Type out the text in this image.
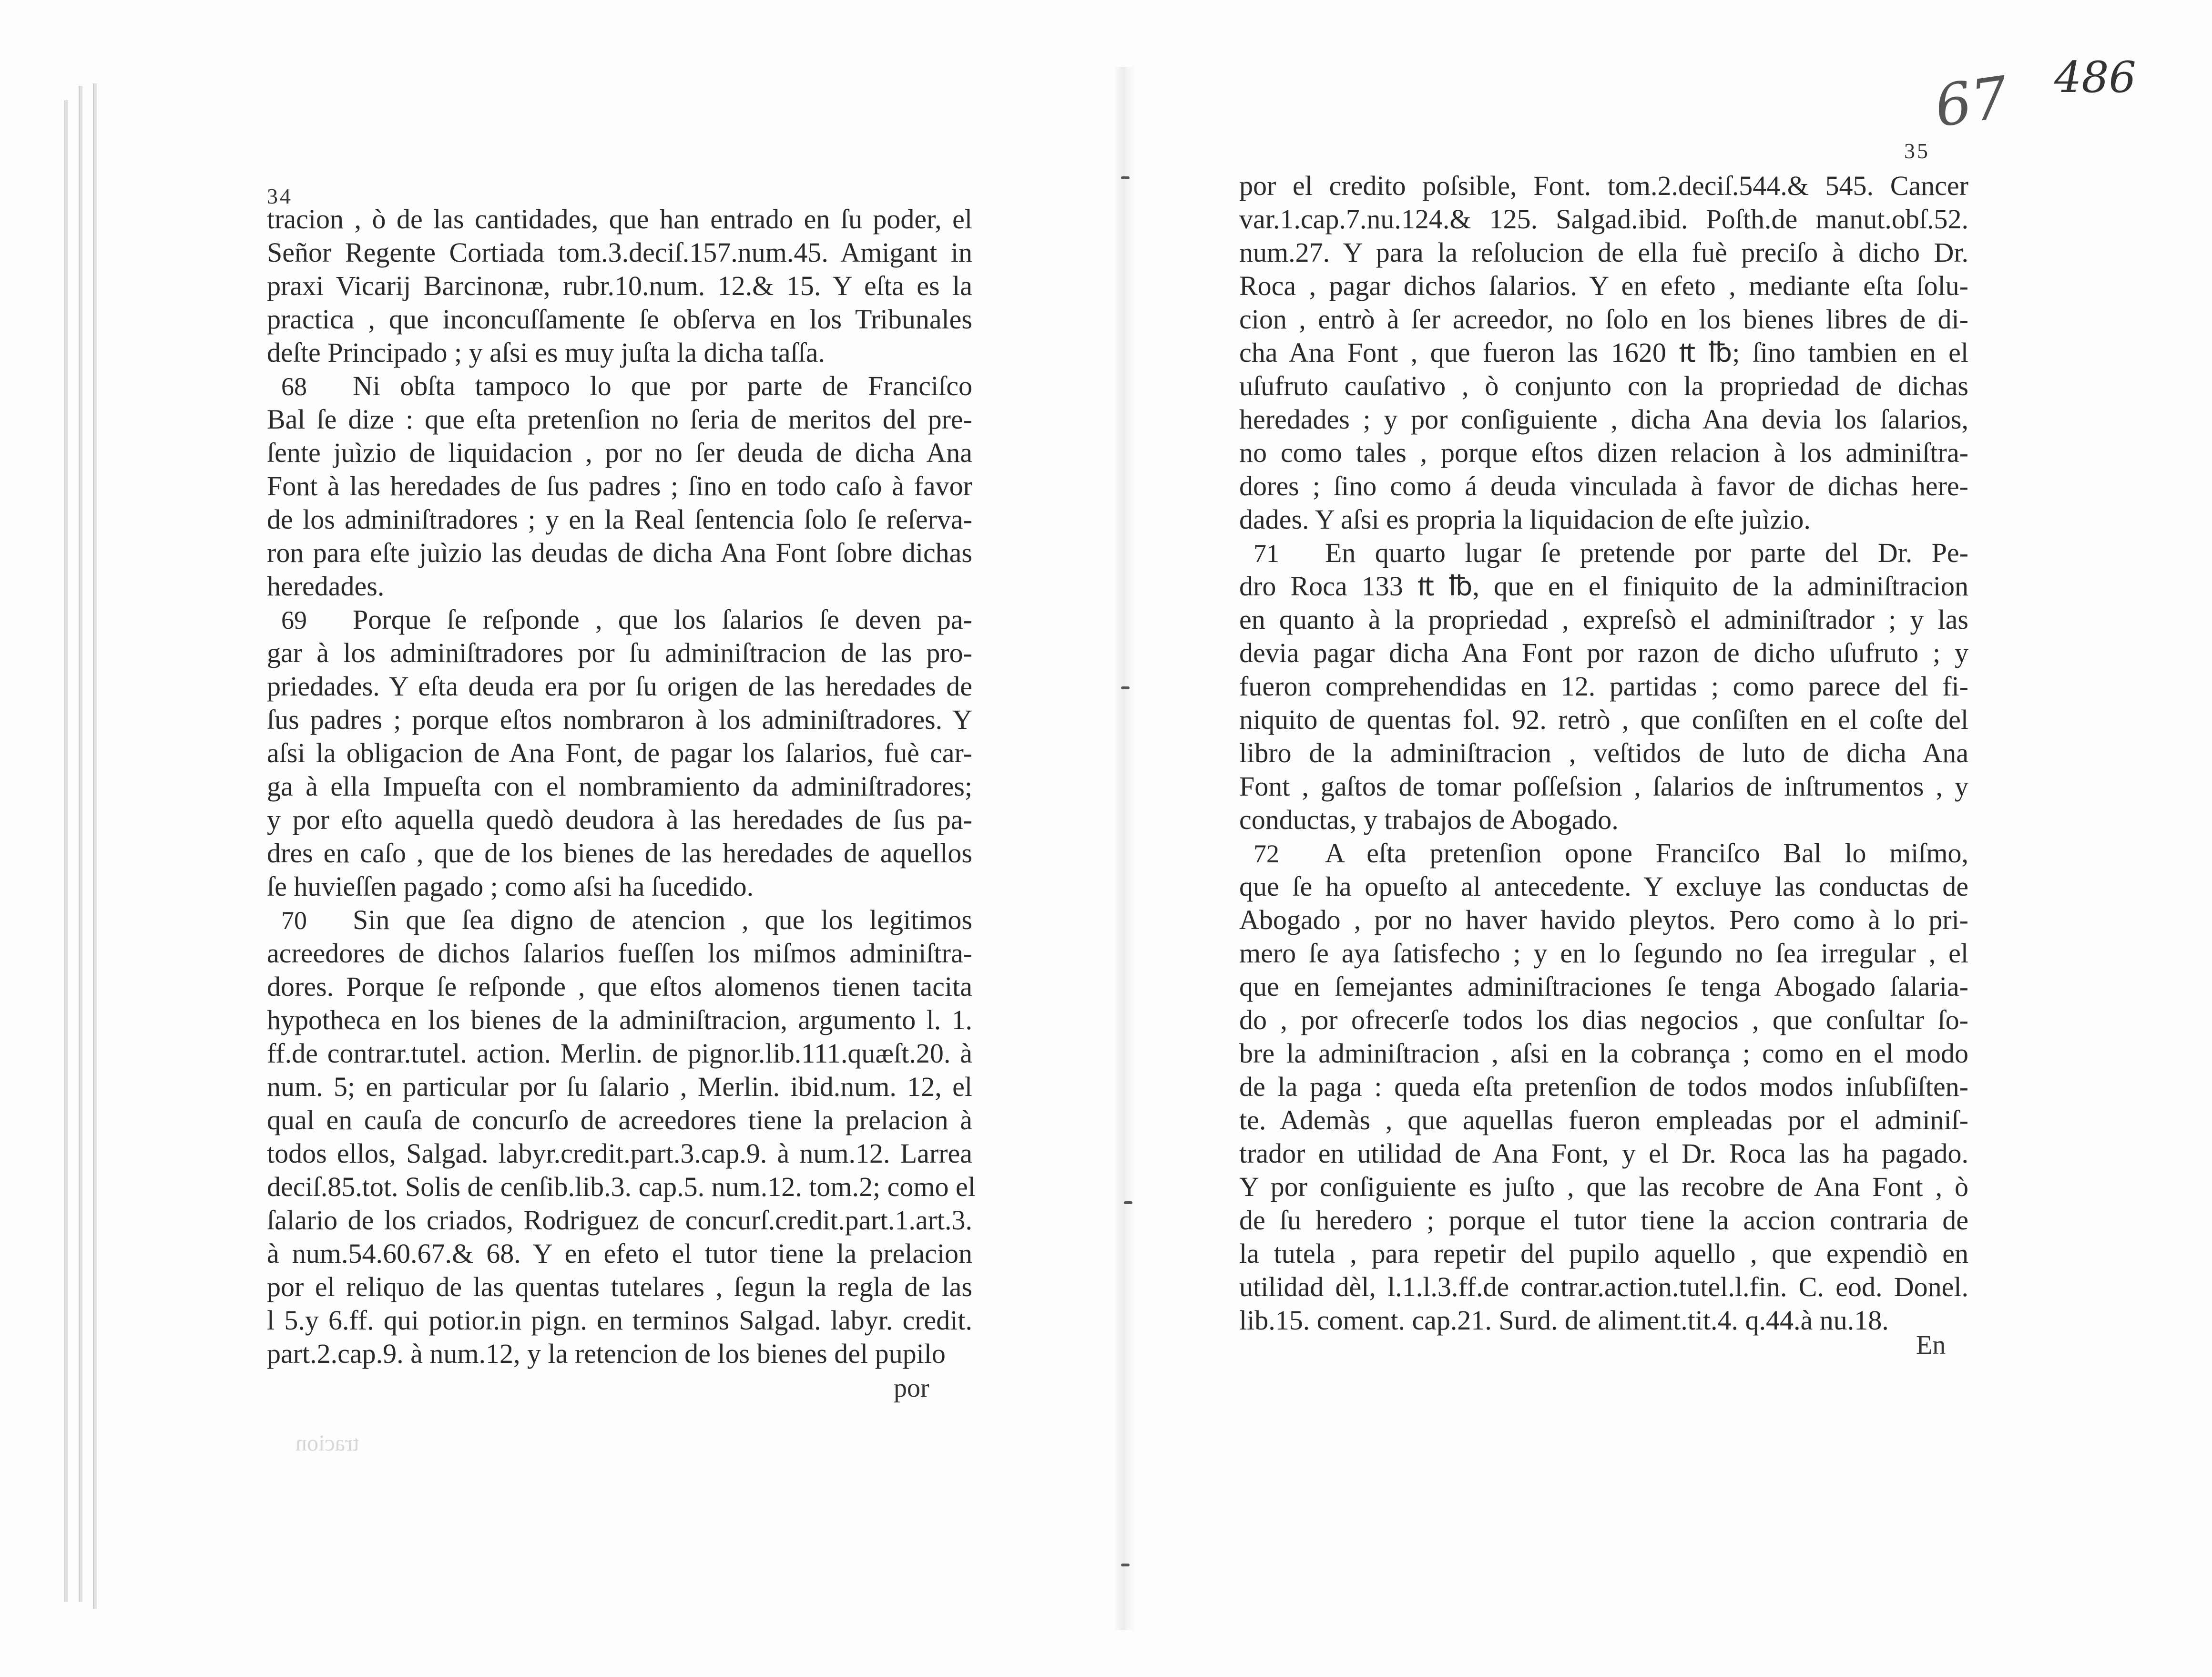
34
tracion , ò de las cantidades, que han entrado en ſu poder, el
Señor Regente Cortiada tom.3.deciſ.157.num.45. Amigant in
praxi Vicarij Barcinonæ, rubr.10.num. 12.& 15. Y eſta es la
practica , que inconcuſſamente ſe obſerva en los Tribunales
deſte Principado ; y aſsi es muy juſta la dicha taſſa.
68 Ni obſta tampoco lo que por parte de Franciſco
Bal ſe dize : que eſta pretenſion no ſeria de meritos del pre-
ſente juìzio de liquidacion , por no ſer deuda de dicha Ana
Font à las heredades de ſus padres ; ſino en todo caſo à favor
de los adminiſtradores ; y en la Real ſentencia ſolo ſe reſerva-
ron para eſte juìzio las deudas de dicha Ana Font ſobre dichas
heredades.
69 Porque ſe reſponde , que los ſalarios ſe deven pa-
gar à los adminiſtradores por ſu adminiſtracion de las pro-
priedades. Y eſta deuda era por ſu origen de las heredades de
ſus padres ; porque eſtos nombraron à los adminiſtradores. Y
aſsi la obligacion de Ana Font, de pagar los ſalarios, fuè car-
ga à ella Impueſta con el nombramiento da adminiſtradores;
y por eſto aquella quedò deudora à las heredades de ſus pa-
dres en caſo , que de los bienes de las heredades de aquellos
ſe huvieſſen pagado ; como aſsi ha ſucedido.
70 Sin que ſea digno de atencion , que los legitimos
acreedores de dichos ſalarios fueſſen los miſmos adminiſtra-
dores. Porque ſe reſponde , que eſtos alomenos tienen tacita
hypotheca en los bienes de la adminiſtracion, argumento l. 1.
ff.de contrar.tutel. action. Merlin. de pignor.lib.111.quæſt.20. à
num. 5; en particular por ſu ſalario , Merlin. ibid.num. 12, el
qual en cauſa de concurſo de acreedores tiene la prelacion à
todos ellos, Salgad. labyr.credit.part.3.cap.9. à num.12. Larrea
deciſ.85.tot. Solis de cenſib.lib.3. cap.5. num.12. tom.2; como el
ſalario de los criados, Rodriguez de concurſ.credit.part.1.art.3.
à num.54.60.67.& 68. Y en efeto el tutor tiene la prelacion
por el reliquo de las quentas tutelares , ſegun la regla de las
l 5.y 6.ff. qui potior.in pign. en terminos Salgad. labyr. credit.
part.2.cap.9. à num.12, y la retencion de los bienes del pupilo
por
tracion
67 486
35
por el credito poſsible, Font. tom.2.deciſ.544.& 545. Cancer
var.1.cap.7.nu.124.& 125. Salgad.ibid. Poſth.de manut.obſ.52.
num.27. Y para la reſolucion de ella fuè preciſo à dicho Dr.
Roca , pagar dichos ſalarios. Y en efeto , mediante eſta ſolu-
cion , entrò à ſer acreedor, no ſolo en los bienes libres de di-
cha Ana Font , que fueron las 1620 ₶ ℔; ſino tambien en el
uſufruto cauſativo , ò conjunto con la propriedad de dichas
heredades ; y por conſiguiente , dicha Ana devia los ſalarios,
no como tales , porque eſtos dizen relacion à los adminiſtra-
dores ; ſino como á deuda vinculada à favor de dichas here-
dades. Y aſsi es propria la liquidacion de eſte juìzio.
71 En quarto lugar ſe pretende por parte del Dr. Pe-
dro Roca 133 ₶ ℔, que en el finiquito de la adminiſtracion
en quanto à la propriedad , expreſsò el adminiſtrador ; y las
devia pagar dicha Ana Font por razon de dicho uſufruto ; y
fueron comprehendidas en 12. partidas ; como parece del fi-
niquito de quentas fol. 92. retrò , que conſiſten en el coſte del
libro de la adminiſtracion , veſtidos de luto de dicha Ana
Font , gaſtos de tomar poſſeſsion , ſalarios de inſtrumentos , y
conductas, y trabajos de Abogado.
72 A eſta pretenſion opone Franciſco Bal lo miſmo,
que ſe ha opueſto al antecedente. Y excluye las conductas de
Abogado , por no haver havido pleytos. Pero como à lo pri-
mero ſe aya ſatisfecho ; y en lo ſegundo no ſea irregular , el
que en ſemejantes adminiſtraciones ſe tenga Abogado ſalaria-
do , por ofrecerſe todos los dias negocios , que conſultar ſo-
bre la adminiſtracion , aſsi en la cobrança ; como en el modo
de la paga : queda eſta pretenſion de todos modos inſubſiſten-
te. Ademàs , que aquellas fueron empleadas por el adminiſ-
trador en utilidad de Ana Font, y el Dr. Roca las ha pagado.
Y por conſiguiente es juſto , que las recobre de Ana Font , ò
de ſu heredero ; porque el tutor tiene la accion contraria de
la tutela , para repetir del pupilo aquello , que expendiò en
utilidad dèl, l.1.l.3.ff.de contrar.action.tutel.l.fin. C. eod. Donel.
lib.15. coment. cap.21. Surd. de aliment.tit.4. q.44.à nu.18.
En
